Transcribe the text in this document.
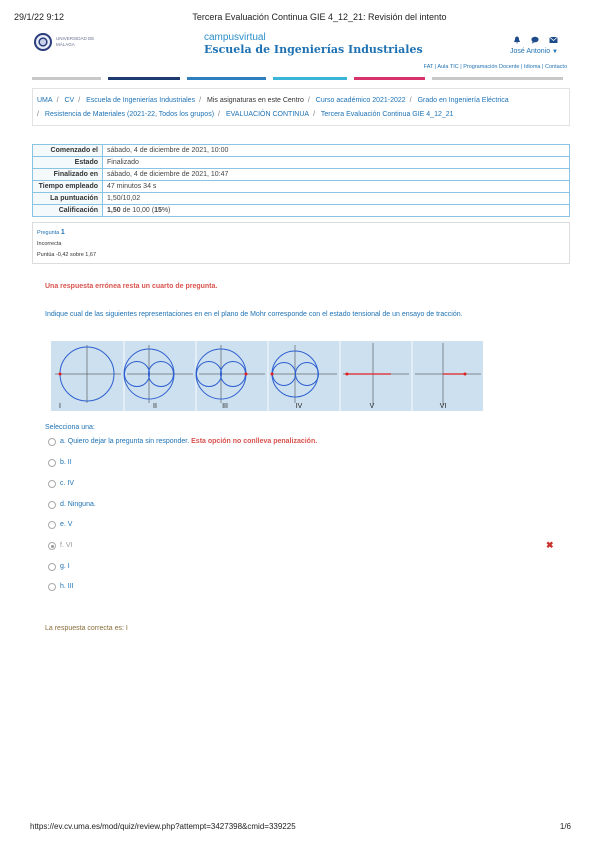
29/1/22 9:12	Tercera Evaluación Continua GIE 4_12_21: Revisión del intento
UNIVERSIDAD DE MÁLAGA
campusvirtual
Escuela de Ingenierías Industriales	José Antonio ▼
FAT | Aula TIC | Programación Docente | Idioma | Contacto
UMA / CV / Escuela de Ingenierías Industriales / Mis asignaturas en este Centro / Curso académico 2021-2022 / Grado en Ingeniería Eléctrica
/ Resistencia de Materiales (2021-22, Todos los grupos) / EVALUACIÓN CONTINUA / Tercera Evaluación Continua GIE 4_12_21
Comenzado el	sábado, 4 de diciembre de 2021, 10:00
Estado	Finalizado
Finalizado en	sábado, 4 de diciembre de 2021, 10:47
Tiempo empleado	47 minutos 34 s
La puntuación	1,50/10,02
Calificación	1,50 de 10,00 (15%)
Pregunta 1
Incorrecta
Puntúa -0,42 sobre 1,67
Una respuesta errónea resta un cuarto de pregunta.
Indique cual de las siguientes representaciones en en el plano de Mohr corresponde con el estado tensional de un ensayo de tracción.
I	II	III	IV	V	VI
Selecciona una:
a. Quiero dejar la pregunta sin responder. Esta opción no conlleva penalización.
b. II
c. IV
d. Ninguna.
e. V
f. VI	✖
g. I
h. III
La respuesta correcta es: I
https://ev.cv.uma.es/mod/quiz/review.php?attempt=3427398&cmid=339225	1/6
